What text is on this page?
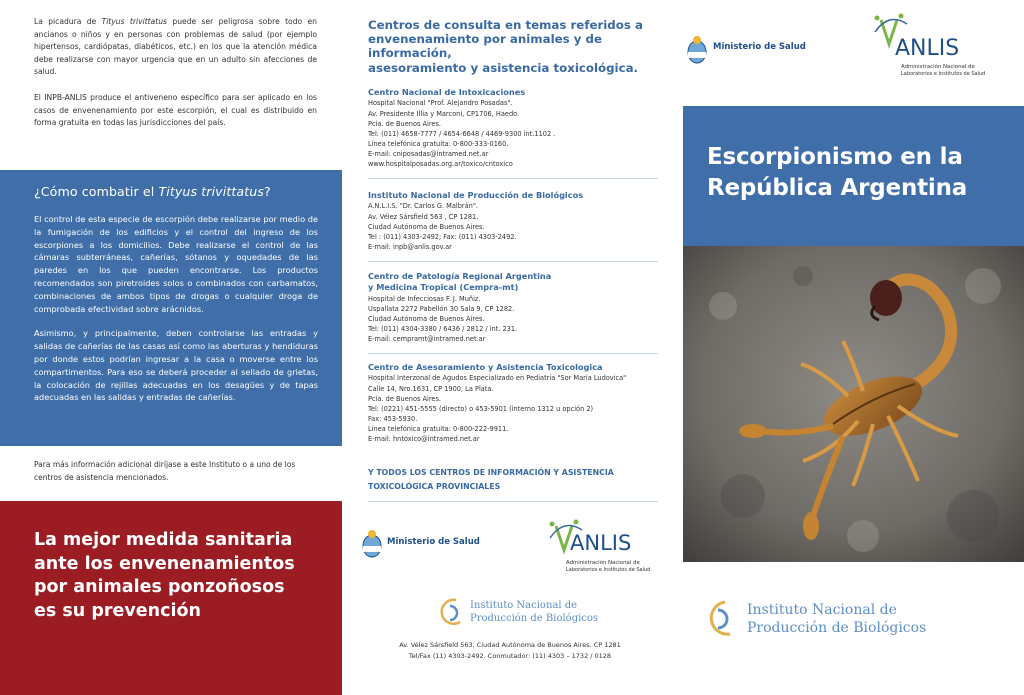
La picadura de Tityus trivittatus puede ser peligrosa sobre todo en ancianos o niños y en personas con problemas de salud (por ejemplo hipertensos, cardiópatas, diabéticos, etc.) en los que la atención médica debe realizarse con mayor urgencia que en un adulto sin afecciones de salud.

El INPB-ANLIS produce el antiveneno específico para ser aplicado en los casos de envenenamiento por este escorpión, el cual es distribuido en forma gratuita en todas las jurisdicciones del país.

¿Cómo combatir el Tityus trivittatus?

El control de esta especie de escorpión debe realizarse por medio de la fumigación de los edificios y el control del ingreso de los escorpiones a los domicilios. Debe realizarse el control de las cámaras subterráneas, cañerías, sótanos y oquedades de las paredes en los que pueden encontrarse. Los productos recomendados son piretroides solos o combinados con carbamatos, combinaciones de ambos tipos de drogas o cualquier droga de comprobada efectividad sobre arácnidos.

Asimismo, y principalmente, deben controlarse las entradas y salidas de cañerías de las casas así como las aberturas y hendiduras por donde estos podrían ingresar a la casa o moverse entre los compartimentos. Para eso se deberá proceder al sellado de grietas, la colocación de rejillas adecuadas en los desagües y de tapas adecuadas en las salidas y entradas de cañerías.

Para más información adicional diríjase a este Instituto o a uno de los centros de asistencia mencionados.
La mejor medida sanitaria
ante los envenenamientos
por animales ponzoñosos
es su prevención
Centros de consulta en temas referidos a
envenenamiento por animales y de información,
asesoramiento y asistencia toxicológica.
Centro Nacional de Intoxicaciones
Hospital Nacional "Prof. Alejandro Posadas".
Av. Presidente Illia y Marconi, CP1706, Haedo.
Pcia. de Buenos Aires.
Tel: (011) 4658-7777 / 4654-6648 / 4469-9300 int.1102 .
Línea telefónica gratuita: 0-800-333-0160.
E-mail: cniposadas@intramed.net.ar
www.hospitalposadas.org.ar/toxico/cntoxico
Instituto Nacional de Producción de Biológicos
A.N.L.I.S. "Dr. Carlos G. Malbrán".
Av. Vélez Sársfield 563 , CP 1281.
Ciudad Autónoma de Buenos Aires.
Tel : (011) 4303-2492; Fax: (011) 4303-2492.
E-mail: inpb@anlis.gov.ar
Centro de Patología Regional Argentina
y Medicina Tropical (Cempra-mt)
Hospital de Infecciosas F. J. Muñiz.
Uspallata 2272 Pabellón 30 Sala 9, CP 1282.
Ciudad Autónoma de Buenos Aires.
Tel: (011) 4304-3380 / 6436 / 2812 / int. 231.
E-mail: cempramt@intramed.net.ar
Centro de Asesoramiento y Asistencia Toxicologica
Hospital Interzonal de Agudos Especializado en Pediatría "Sor María Ludovica"
Calle 14, Nro.1631, CP 1900, La Plata.
Pcia. de Buenos Aires.
Tel: (0221) 451-5555 (directo) o 453-5901 (interno 1312 u opción 2)
Fax: 453-5930.
Línea telefónica gratuita: 0-800-222-9911.
E-mail: hntoxico@intramed.net.ar
Y TODOS LOS CENTROS DE INFORMACIÓN Y ASISTENCIA
TOXICOLÓGICA PROVINCIALES
Ministerio de Salud	ANLIS
Administración Nacional de
Laboratorios e Institutos de Salud
Instituto Nacional de
Producción de Biológicos
Av. Vélez Sársfield 563, Ciudad Autónoma de Buenos Aires. CP 1281
Tel/Fax (11) 4303-2492. Conmutador: (11) 4303 – 1732 / 0128
Ministerio de Salud	ANLIS
Administración Nacional de
Laboratorios e Institutos de Salud
Escorpionismo en la
República Argentina
Instituto Nacional de
Producción de Biológicos
